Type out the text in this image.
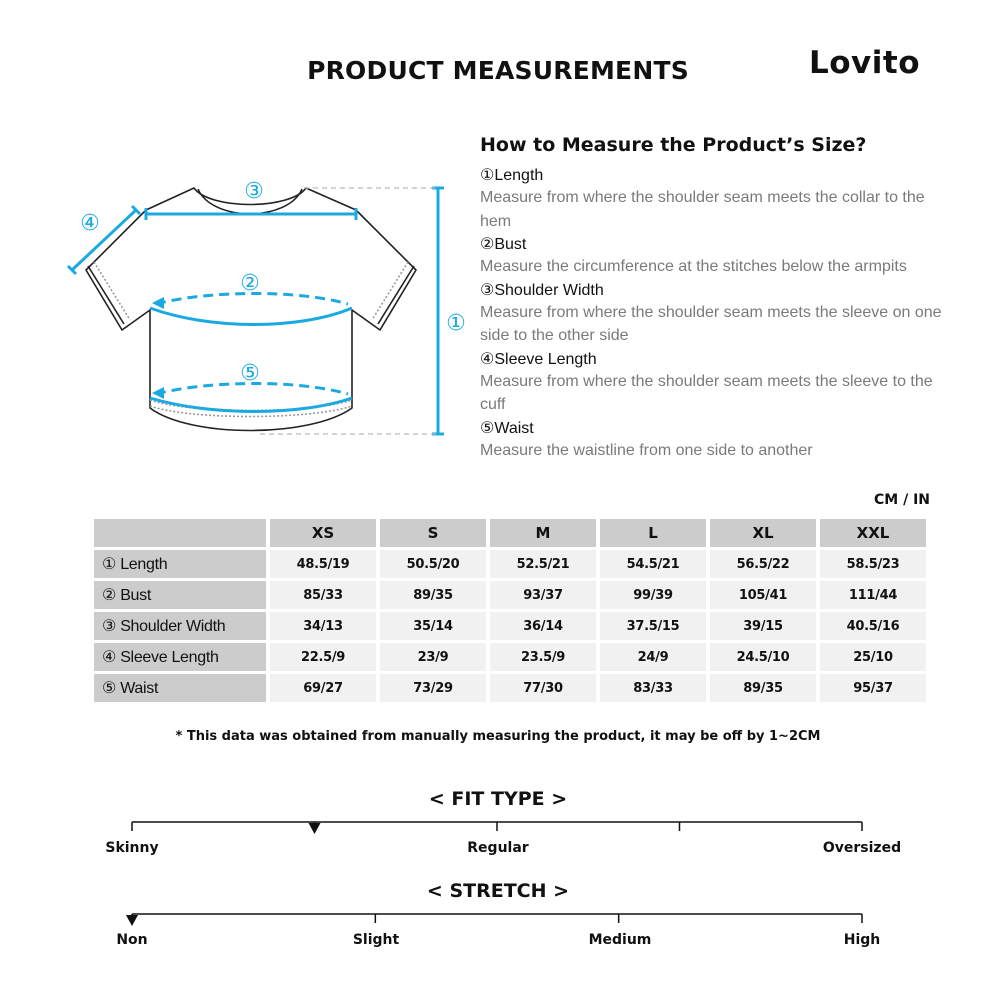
PRODUCT MEASUREMENTS	Lovito
①
②
③
④
⑤
How to Measure the Product’s Size?
①Length
Measure from where the shoulder seam meets the collar to the hem
②Bust
Measure the circumference at the stitches below the armpits
③Shoulder Width
Measure from where the shoulder seam meets the sleeve on one side to the other side
④Sleeve Length
Measure from where the shoulder seam meets the sleeve to the cuff
⑤Waist
Measure the waistline from one side to another
CM / IN
	XS	S	M	L	XL	XXL
① Length	48.5/19	50.5/20	52.5/21	54.5/21	56.5/22	58.5/23
② Bust	85/33	89/35	93/37	99/39	105/41	111/44
③ Shoulder Width	34/13	35/14	36/14	37.5/15	39/15	40.5/16
④ Sleeve Length	22.5/9	23/9	23.5/9	24/9	24.5/10	25/10
⑤ Waist	69/27	73/29	77/30	83/33	89/35	95/37
* This data was obtained from manually measuring the product, it may be off by 1~2CM
< FIT TYPE >
Skinny	Regular	Oversized
< STRETCH >
Non	Slight	Medium	High
